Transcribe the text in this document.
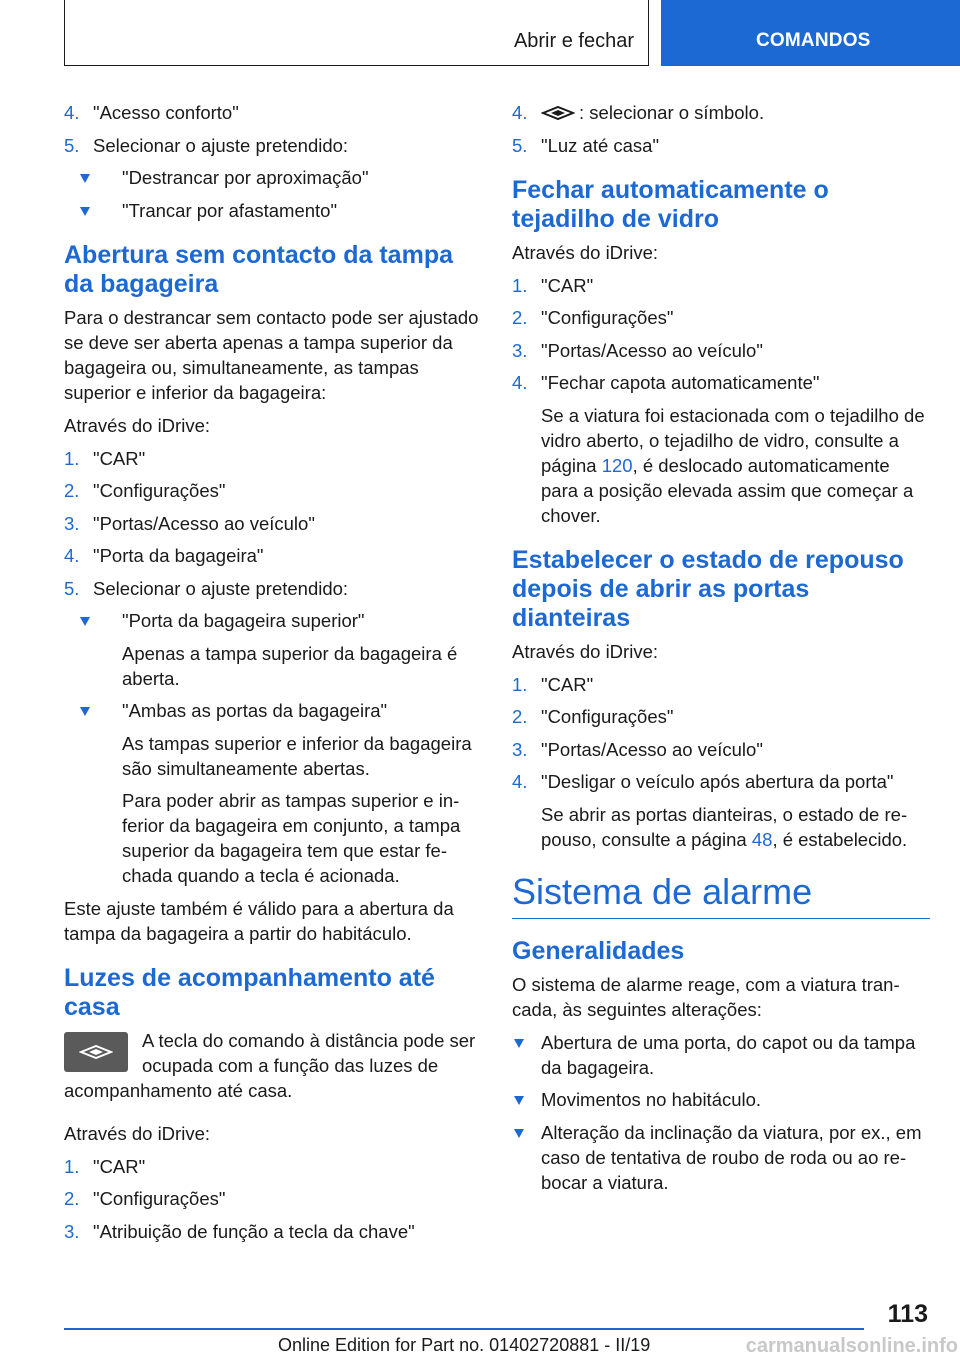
Abrir e fechar	COMANDOS
4. "Acesso conforto"
5. Selecionar o ajuste pretendido:
"Destrancar por aproximação"
"Trancar por afastamento"
Abertura sem contacto da tampa da bagageira
Para o destrancar sem contacto pode ser ajustado se deve ser aberta apenas a tampa superior da bagageira ou, simultaneamente, as tampas superior e inferior da bagageira:
Através do iDrive:
1. "CAR"
2. "Configurações"
3. "Portas/Acesso ao veículo"
4. "Porta da bagageira"
5. Selecionar o ajuste pretendido:
"Porta da bagageira superior"
Apenas a tampa superior da bagageira é aberta.
"Ambas as portas da bagageira"
As tampas superior e inferior da bagageira são simultaneamente abertas.
Para poder abrir as tampas superior e inferior da bagageira em conjunto, a tampa superior da bagageira tem que estar fechada quando a tecla é acionada.
Este ajuste também é válido para a abertura da tampa da bagageira a partir do habitáculo.
Luzes de acompanhamento até casa
A tecla do comando à distância pode ser ocupada com a função das luzes de acompanhamento até casa.
Através do iDrive:
1. "CAR"
2. "Configurações"
3. "Atribuição de função a tecla da chave"
4.	: selecionar o símbolo.
5. "Luz até casa"
Fechar automaticamente o tejadilho de vidro
Através do iDrive:
1. "CAR"
2. "Configurações"
3. "Portas/Acesso ao veículo"
4. "Fechar capota automaticamente"
Se a viatura foi estacionada com o tejadilho de vidro aberto, o tejadilho de vidro, consulte a página 120, é deslocado automaticamente para a posição elevada assim que começar a chover.
Estabelecer o estado de repouso depois de abrir as portas dianteiras
Através do iDrive:
1. "CAR"
2. "Configurações"
3. "Portas/Acesso ao veículo"
4. "Desligar o veículo após abertura da porta"
Se abrir as portas dianteiras, o estado de repouso, consulte a página 48, é estabelecido.
Sistema de alarme
Generalidades
O sistema de alarme reage, com a viatura trancada, às seguintes alterações:
Abertura de uma porta, do capot ou da tampa da bagageira.
Movimentos no habitáculo.
Alteração da inclinação da viatura, por ex., em caso de tentativa de roubo de roda ou ao rebocar a viatura.
113
Online Edition for Part no. 01402720881 - II/19	carmanualsonline.info
